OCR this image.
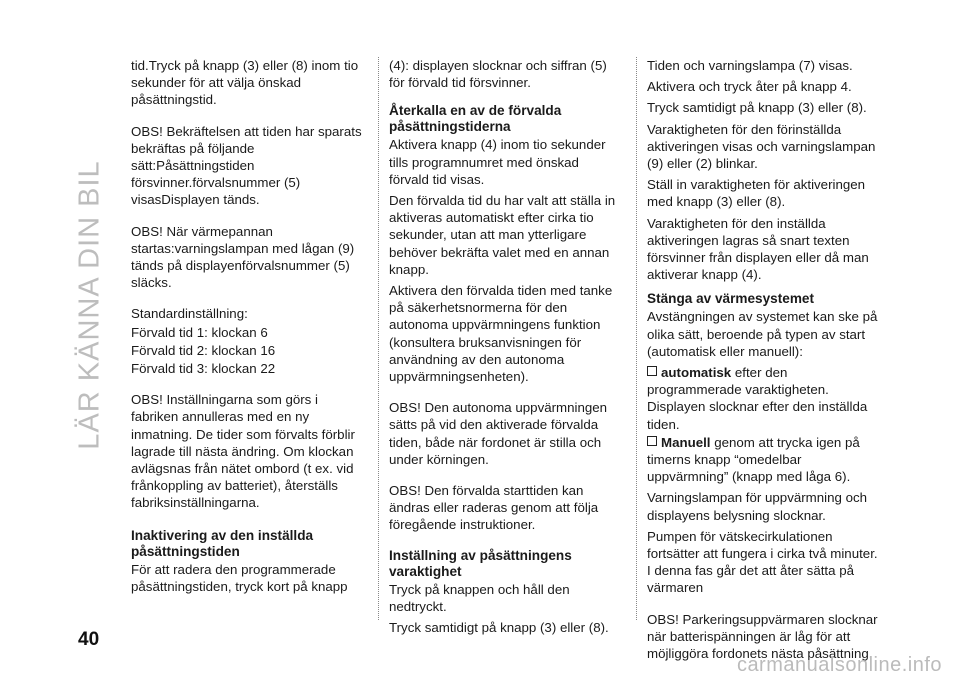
LÄR KÄNNA DIN BIL
40

tid.Tryck på knapp (3) eller (8) inom tio sekunder för att välja önskad påsättningstid.

OBS! Bekräftelsen att tiden har sparats bekräftas på följande sätt:Påsättningstiden försvinner.förvalsnummer (5) visasDisplayen tänds.

OBS! När värmepannan startas:varningslampan med lågan (9) tänds på displayenförvalsnummer (5) släcks.

Standardinställning:

Förvald tid 1: klockan 6

Förvald tid 2: klockan 16

Förvald tid 3: klockan 22

OBS! Inställningarna som görs i fabriken annulleras med en ny inmatning. De tider som förvalts förblir lagrade till nästa ändring. Om klockan avlägsnas från nätet ombord (t ex. vid frånkoppling av batteriet), återställs fabriksinställningarna.

Inaktivering av den inställda påsättningstiden

För att radera den programmerade påsättningstiden, tryck kort på knapp

(4): displayen slocknar och siffran (5) för förvald tid försvinner.

Återkalla en av de förvalda påsättningstiderna

Aktivera knapp (4) inom tio sekunder tills programnumret med önskad förvald tid visas.

Den förvalda tid du har valt att ställa in aktiveras automatiskt efter cirka tio sekunder, utan att man ytterligare behöver bekräfta valet med en annan knapp.

Aktivera den förvalda tiden med tanke på säkerhetsnormerna för den autonoma uppvärmningens funktion (konsultera bruksanvisningen för användning av den autonoma uppvärmningsenheten).

OBS! Den autonoma uppvärmningen sätts på vid den aktiverade förvalda tiden, både när fordonet är stilla och under körningen.

OBS! Den förvalda starttiden kan ändras eller raderas genom att följa föregående instruktioner.

Inställning av påsättningens varaktighet

Tryck på knappen och håll den nedtryckt.

Tryck samtidigt på knapp (3) eller (8).

Tiden och varningslampa (7) visas.

Aktivera och tryck åter på knapp 4.

Tryck samtidigt på knapp (3) eller (8).

Varaktigheten för den förinställda aktiveringen visas och varningslampan (9) eller (2) blinkar.

Ställ in varaktigheten för aktiveringen med knapp (3) eller (8).

Varaktigheten för den inställda aktiveringen lagras så snart texten försvinner från displayen eller då man aktiverar knapp (4).

Stänga av värmesystemet

Avstängningen av systemet kan ske på olika sätt, beroende på typen av start (automatisk eller manuell):

automatisk efter den programmerade varaktigheten. Displayen slocknar efter den inställda tiden.

Manuell genom att trycka igen på timerns knapp “omedelbar uppvärmning” (knapp med låga 6).

Varningslampan för uppvärmning och displayens belysning slocknar.

Pumpen för vätskecirkulationen fortsätter att fungera i cirka två minuter. I denna fas går det att åter sätta på värmaren

OBS! Parkeringsuppvärmaren slocknar när batterispänningen är låg för att möjliggöra fordonets nästa påsättning.

carmanualsonline.info
